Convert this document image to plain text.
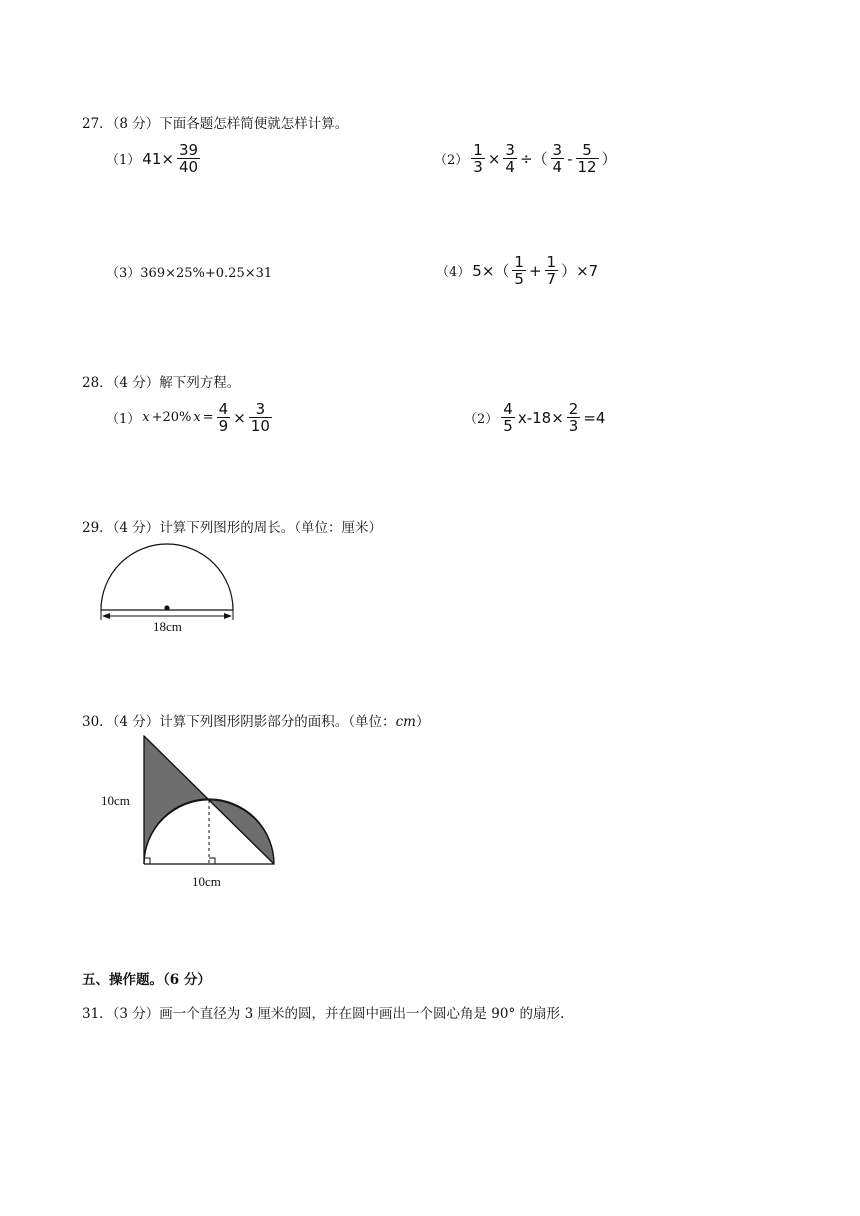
27．（8 分）下面各题怎样简便就怎样计算。
（1） $41\times \frac{39}{40}$	$(2) \frac{1}{3} \times \frac{3}{4}$ ÷（ $\frac{3}{4} - \frac{5}{12}$ ）
（3）369×25%+0.25×31	（4） $5\times( \frac{1}{5} + \frac{1}{7} )\times 7$
28．（4 分）解下列方程。
（1） x +20% $x = \frac{4}{9} \times \frac{3}{10}$	$(2) \frac{4}{5} x-18\times \frac{2}{3} =4$
29．（4 分）计算下列图形的周长。（单位：厘米）
18cm
30．（4 分）计算下列图形阴影部分的面积。（单位：cm）
10cm
10cm
五、操作题。（6 分）
31．（3 分）画一个直径为 3 厘米的圆，并在圆中画出一个圆心角是 90° 的扇形.
